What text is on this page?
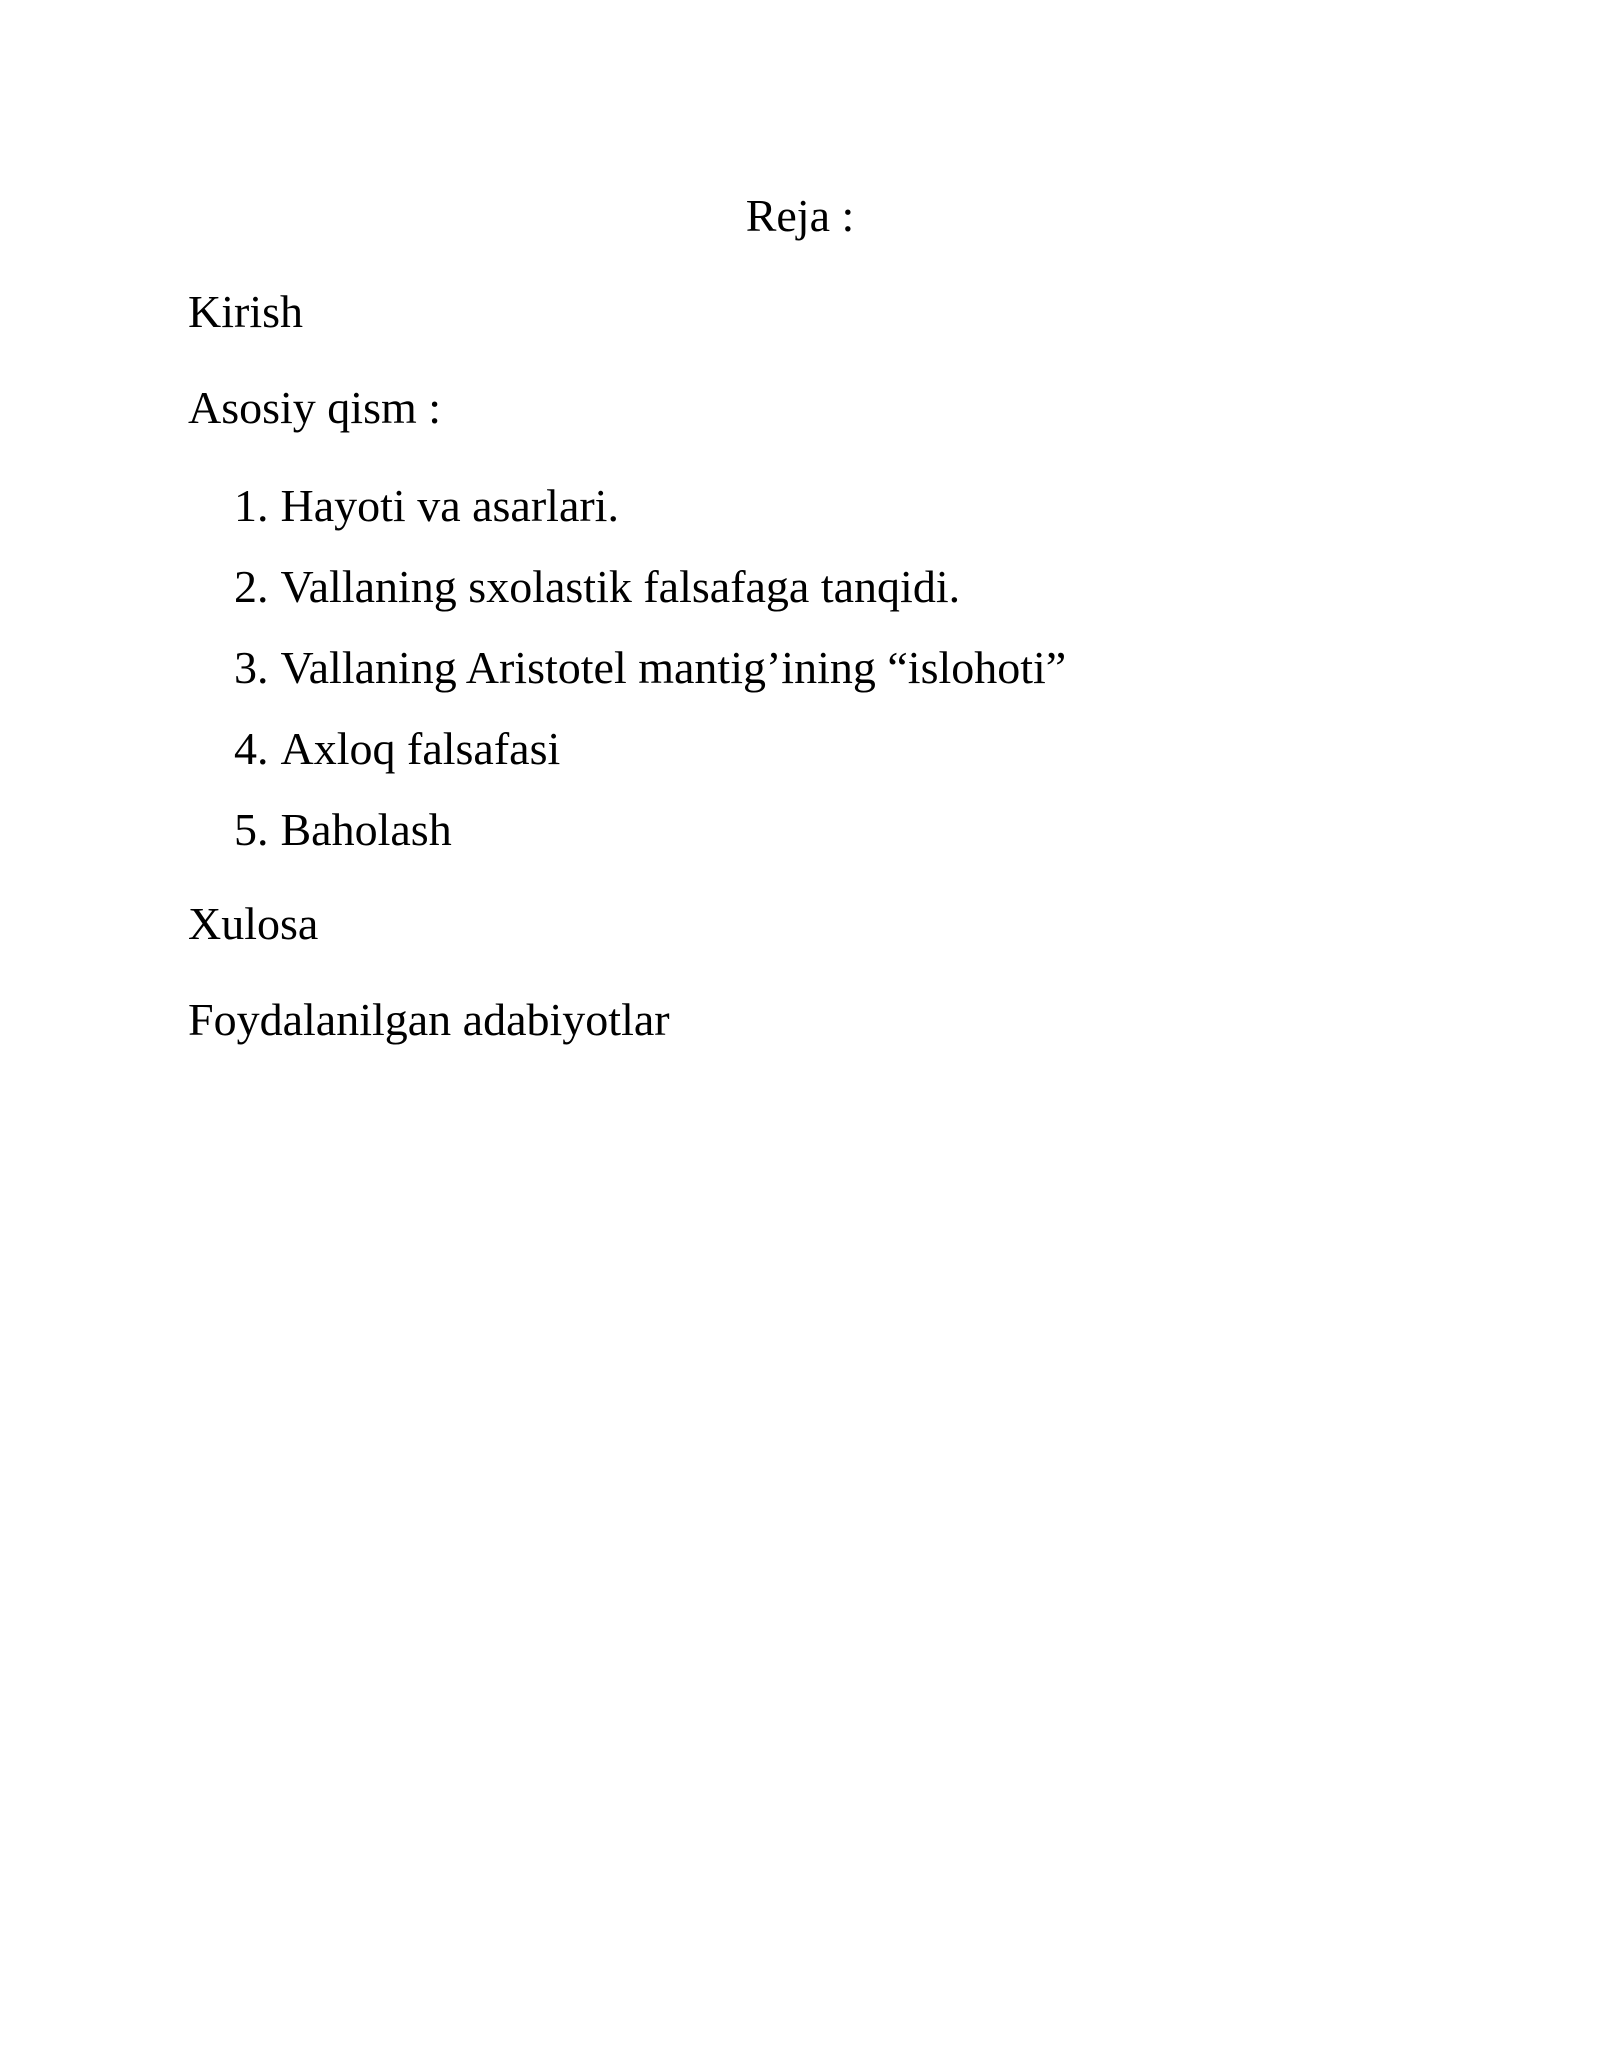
Reja :
Kirish
Asosiy qism :
1. Hayoti va asarlari.
2. Vallaning sxolastik falsafaga tanqidi.
3. Vallaning Aristotel mantig’ining “islohoti”
4. Axloq falsafasi
5. Baholash
Xulosa
Foydalanilgan adabiyotlar
